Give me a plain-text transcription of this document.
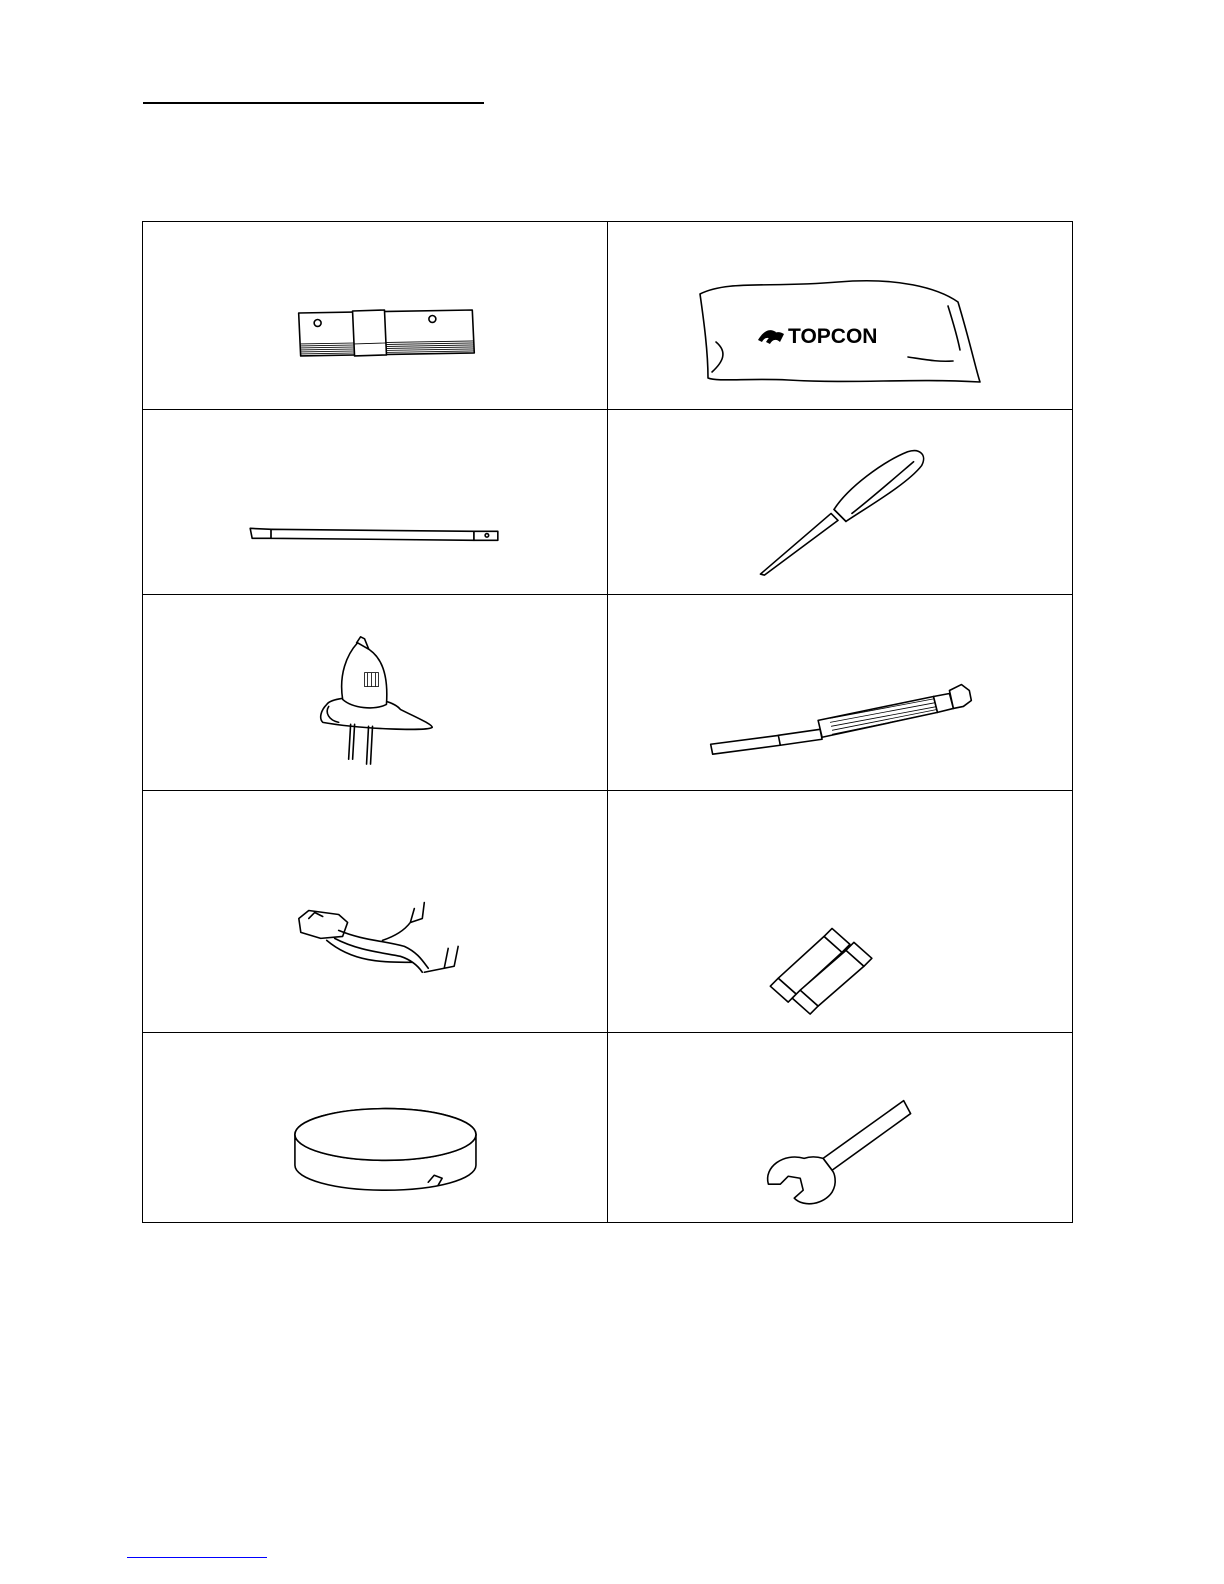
TOPCON
